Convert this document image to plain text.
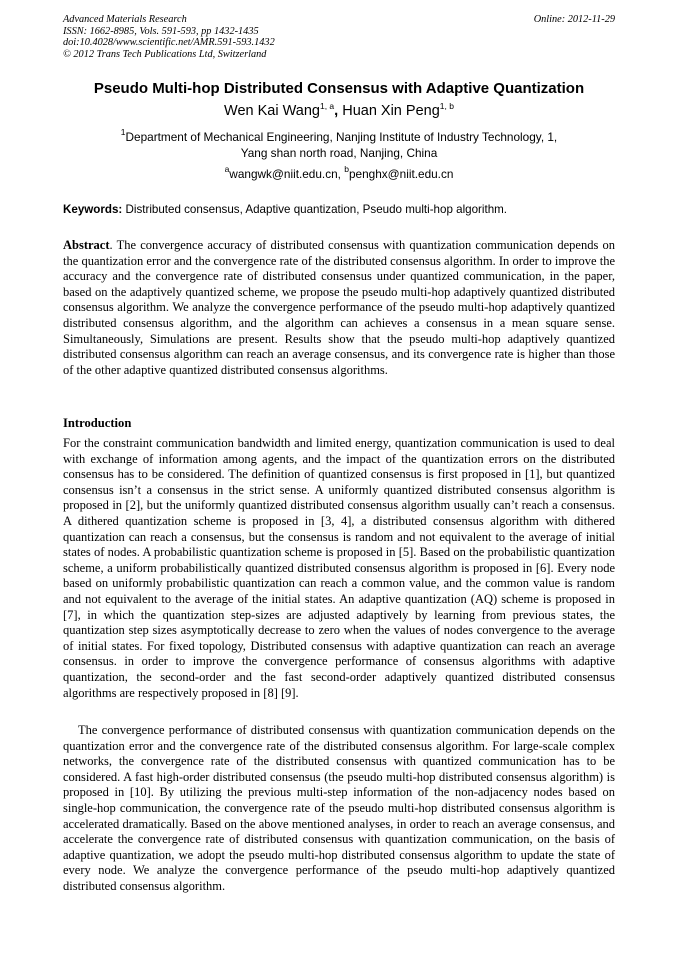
Advanced Materials Research
ISSN: 1662-8985, Vols. 591-593, pp 1432-1435
doi:10.4028/www.scientific.net/AMR.591-593.1432
© 2012 Trans Tech Publications Ltd, Switzerland
Online: 2012-11-29
Pseudo Multi-hop Distributed Consensus with Adaptive Quantization
Wen Kai Wang$^{1, a}$, Huan Xin Peng$^{1, b}$
$^1$Department of Mechanical Engineering, Nanjing Institute of Industry Technology, 1,
Yang shan north road, Nanjing, China
$^a$wangwk@niit.edu.cn, $^b$penghx@niit.edu.cn
Keywords: Distributed consensus, Adaptive quantization, Pseudo multi-hop algorithm.

Abstract. The convergence accuracy of distributed consensus with quantization communication depends on the quantization error and the convergence rate of the distributed consensus algorithm. In order to improve the accuracy and the convergence rate of distributed consensus under quantized communication, in the paper, based on the adaptively quantized scheme, we propose the pseudo multi-hop adaptively quantized distributed consensus algorithm. We analyze the convergence performance of the pseudo multi-hop adaptively quantized distributed consensus algorithm, and the algorithm can achieves a consensus in a mean square sense. Simultaneously, Simulations are present. Results show that the pseudo multi-hop adaptively quantized distributed consensus algorithm can reach an average consensus, and its convergence rate is higher than those of the other adaptive quantized distributed consensus algorithms.

Introduction

For the constraint communication bandwidth and limited energy, quantization communication is used to deal with exchange of information among agents, and the impact of the quantization errors on the distributed consensus has to be considered. The definition of quantized consensus is first proposed in [1], but quantized consensus isn’t a consensus in the strict sense. A uniformly quantized distributed consensus algorithm is proposed in [2], but the uniformly quantized distributed consensus algorithm usually can’t reach a consensus. A dithered quantization scheme is proposed in [3, 4], a distributed consensus algorithm with dithered quantization can reach a consensus, but the consensus is random and not equivalent to the average of initial states of nodes. A probabilistic quantization scheme is proposed in [5]. Based on the probabilistic quantization scheme, a uniform probabilistically quantized distributed consensus algorithm is proposed in [6]. Every node based on uniformly probabilistic quantization can reach a common value, and the common value is random and not equivalent to the average of the initial states. An adaptive quantization (AQ) scheme is proposed in [7], in which the quantization step-sizes are adjusted adaptively by learning from previous states, the quantization step sizes asymptotically decrease to zero when the values of nodes convergence to the average of initial states. For fixed topology, Distributed consensus with adaptive quantization can reach an average consensus. in order to improve the convergence performance of consensus algorithms with adaptive quantization, the second-order and the fast second-order adaptively quantized distributed consensus algorithms are respectively proposed in [8] [9].

The convergence performance of distributed consensus with quantization communication depends on the quantization error and the convergence rate of the distributed consensus algorithm. For large-scale complex networks, the convergence rate of the distributed consensus with quantized communication has to be considered. A fast high-order distributed consensus (the pseudo multi-hop distributed consensus algorithm) is proposed in [10]. By utilizing the previous multi-step information of the non-adjacency nodes based on single-hop communication, the convergence rate of the pseudo multi-hop distributed consensus algorithm is accelerated dramatically. Based on the above mentioned analyses, in order to reach an average consensus, and accelerate the convergence rate of distributed consensus with quantization communication, on the basis of adaptive quantization, we adopt the pseudo multi-hop distributed consensus algorithm to update the state of every node. We analyze the convergence performance of the pseudo multi-hop adaptively quantized distributed consensus algorithm.
